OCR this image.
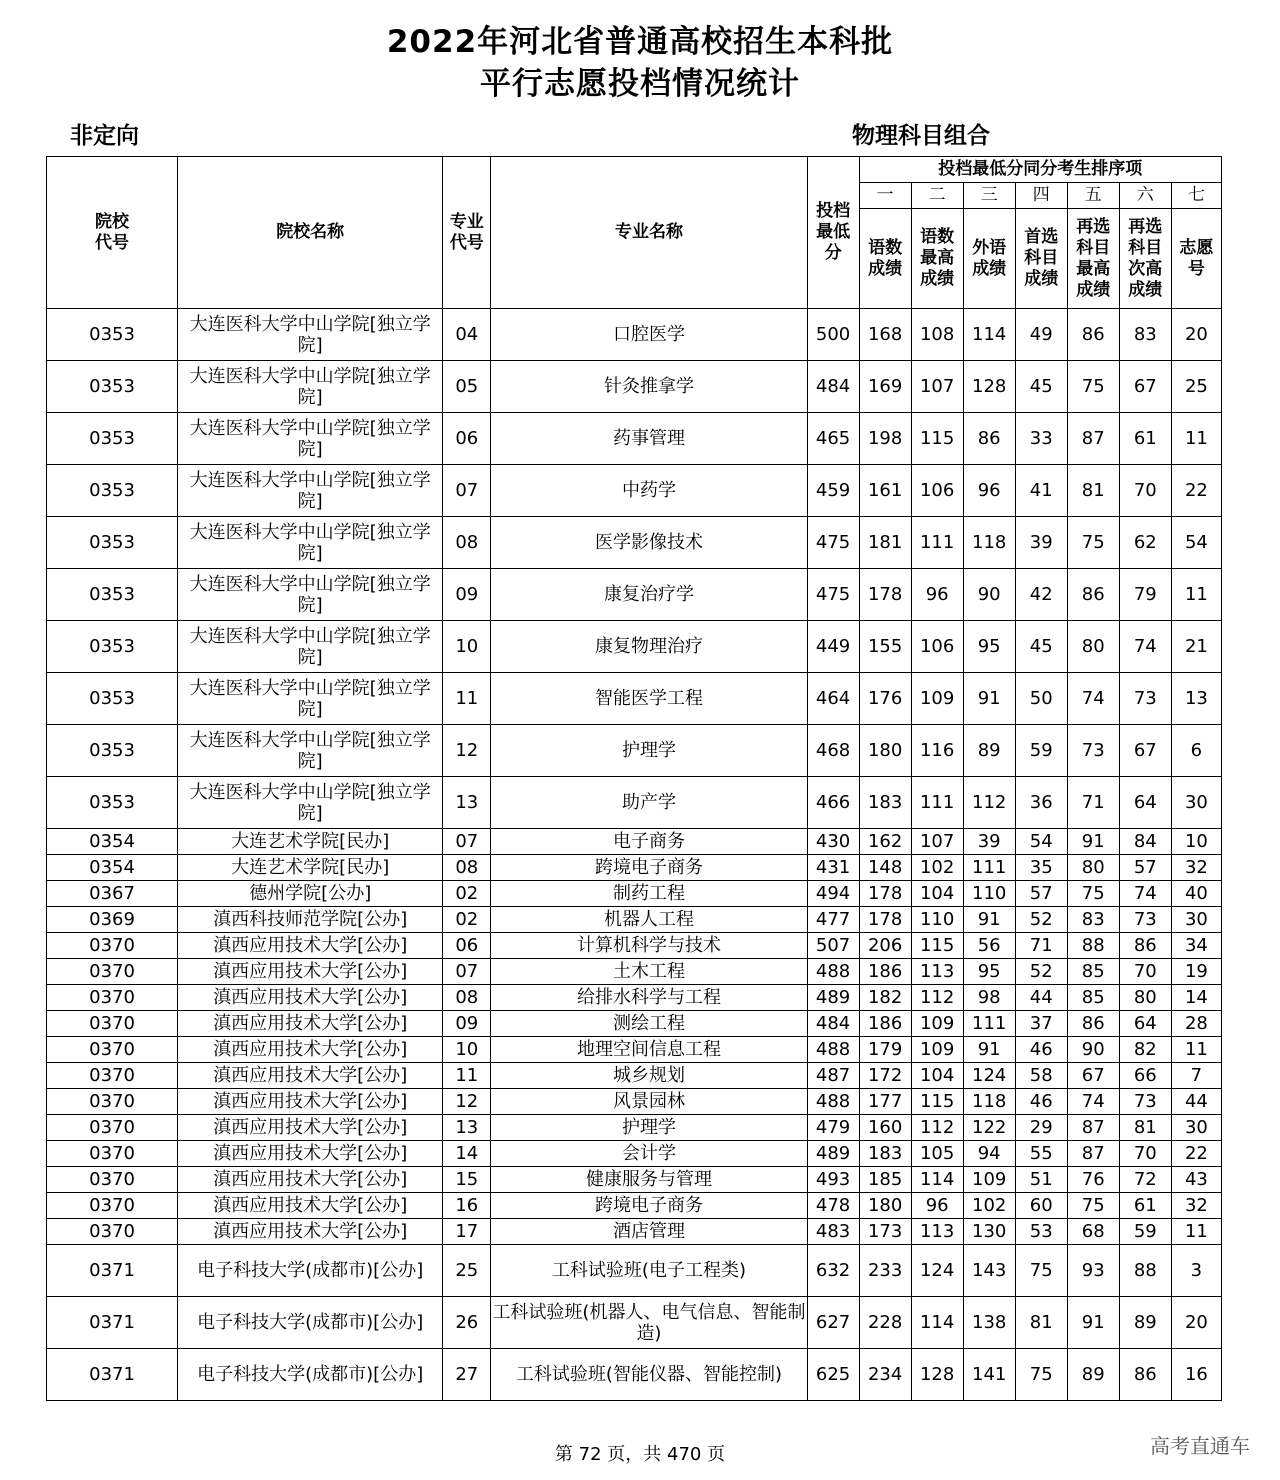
2022年河北省普通高校招生本科批
平行志愿投档情况统计
非定向	物理科目组合
院校代号	院校名称	专业代号	专业名称	投档最低分	投档最低分同分考生排序项						
					一	二	三	四	五	六	七

					语数成绩	语数最高成绩	外语成绩	首选科目成绩	再选科目最高成绩	再选科目次高成绩	志愿号

0353	大连医科大学中山学院[独立学院]	04	口腔医学	500	168	108	114	49	86	83	20
0353	大连医科大学中山学院[独立学院]	05	针灸推拿学	484	169	107	128	45	75	67	25
0353	大连医科大学中山学院[独立学院]	06	药事管理	465	198	115	86	33	87	61	11
0353	大连医科大学中山学院[独立学院]	07	中药学	459	161	106	96	41	81	70	22
0353	大连医科大学中山学院[独立学院]	08	医学影像技术	475	181	111	118	39	75	62	54
0353	大连医科大学中山学院[独立学院]	09	康复治疗学	475	178	96	90	42	86	79	11
0353	大连医科大学中山学院[独立学院]	10	康复物理治疗	449	155	106	95	45	80	74	21
0353	大连医科大学中山学院[独立学院]	11	智能医学工程	464	176	109	91	50	74	73	13
0353	大连医科大学中山学院[独立学院]	12	护理学	468	180	116	89	59	73	67	6
0353	大连医科大学中山学院[独立学院]	13	助产学	466	183	111	112	36	71	64	30
0354	大连艺术学院[民办]	07	电子商务	430	162	107	39	54	91	84	10
0354	大连艺术学院[民办]	08	跨境电子商务	431	148	102	111	35	80	57	32
0367	德州学院[公办]	02	制药工程	494	178	104	110	57	75	74	40
0369	滇西科技师范学院[公办]	02	机器人工程	477	178	110	91	52	83	73	30
0370	滇西应用技术大学[公办]	06	计算机科学与技术	507	206	115	56	71	88	86	34
0370	滇西应用技术大学[公办]	07	土木工程	488	186	113	95	52	85	70	19
0370	滇西应用技术大学[公办]	08	给排水科学与工程	489	182	112	98	44	85	80	14
0370	滇西应用技术大学[公办]	09	测绘工程	484	186	109	111	37	86	64	28
0370	滇西应用技术大学[公办]	10	地理空间信息工程	488	179	109	91	46	90	82	11
0370	滇西应用技术大学[公办]	11	城乡规划	487	172	104	124	58	67	66	7
0370	滇西应用技术大学[公办]	12	风景园林	488	177	115	118	46	74	73	44
0370	滇西应用技术大学[公办]	13	护理学	479	160	112	122	29	87	81	30
0370	滇西应用技术大学[公办]	14	会计学	489	183	105	94	55	87	70	22
0370	滇西应用技术大学[公办]	15	健康服务与管理	493	185	114	109	51	76	72	43
0370	滇西应用技术大学[公办]	16	跨境电子商务	478	180	96	102	60	75	61	32
0370	滇西应用技术大学[公办]	17	酒店管理	483	173	113	130	53	68	59	11
0371	电子科技大学(成都市)[公办]	25	工科试验班(电子工程类)	632	233	124	143	75	93	88	3
0371	电子科技大学(成都市)[公办]	26	工科试验班(机器人、电气信息、智能制造)	627	228	114	138	81	91	89	20
0371	电子科技大学(成都市)[公办]	27	工科试验班(智能仪器、智能控制)	625	234	128	141	75	89	86	16
第 72 页，共 470 页	高考直通车
